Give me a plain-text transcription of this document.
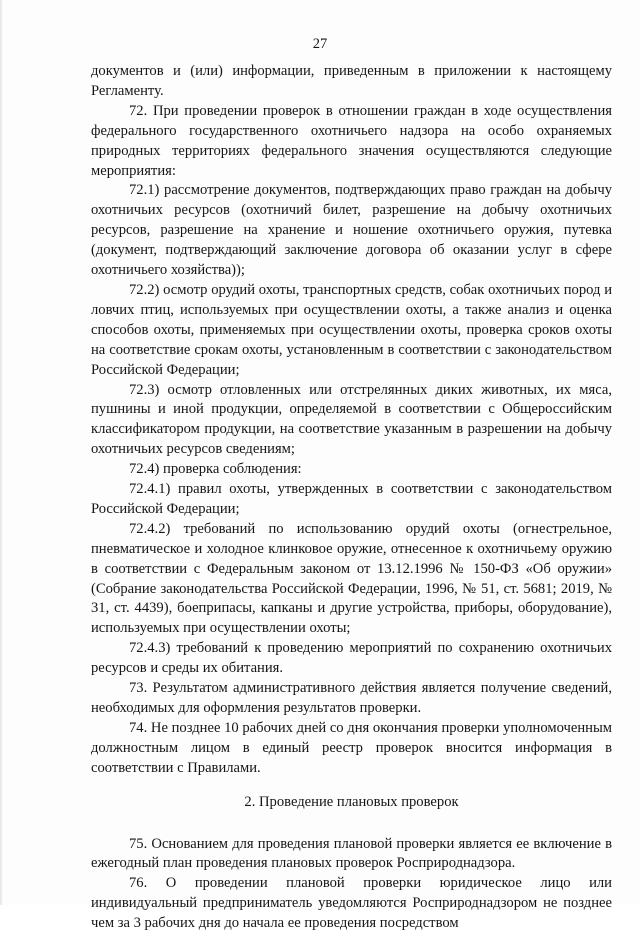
27

документов и (или) информации, приведенным в приложении к настоящему Регламенту.

72. При проведении проверок в отношении граждан в ходе осуществления федерального государственного охотничьего надзора на особо охраняемых природных территориях федерального значения осуществляются следующие мероприятия:

72.1) рассмотрение документов, подтверждающих право граждан на добычу охотничьих ресурсов (охотничий билет, разрешение на добычу охотничьих ресурсов, разрешение на хранение и ношение охотничьего оружия, путевка (документ, подтверждающий заключение договора об оказании услуг в сфере охотничьего хозяйства));

72.2) осмотр орудий охоты, транспортных средств, собак охотничьих пород и ловчих птиц, используемых при осуществлении охоты, а также анализ и оценка способов охоты, применяемых при осуществлении охоты, проверка сроков охоты на соответствие срокам охоты, установленным в соответствии с законодательством Российской Федерации;

72.3) осмотр отловленных или отстрелянных диких животных, их мяса, пушнины и иной продукции, определяемой в соответствии с Общероссийским классификатором продукции, на соответствие указанным в разрешении на добычу охотничьих ресурсов сведениям;

72.4) проверка соблюдения:

72.4.1) правил охоты, утвержденных в соответствии с законодательством Российской Федерации;

72.4.2) требований по использованию орудий охоты (огнестрельное, пневматическое и холодное клинковое оружие, отнесенное к охотничьему оружию в соответствии с Федеральным законом от 13.12.1996 № 150-ФЗ «Об оружии» (Собрание законодательства Российской Федерации, 1996, № 51, ст. 5681; 2019, № 31, ст. 4439), боеприпасы, капканы и другие устройства, приборы, оборудование), используемых при осуществлении охоты;

72.4.3) требований к проведению мероприятий по сохранению охотничьих ресурсов и среды их обитания.

73. Результатом административного действия является получение сведений, необходимых для оформления результатов проверки.

74. Не позднее 10 рабочих дней со дня окончания проверки уполномоченным должностным лицом в единый реестр проверок вносится информация в соответствии с Правилами.

2. Проведение плановых проверок

75. Основанием для проведения плановой проверки является ее включение в ежегодный план проведения плановых проверок Росприроднадзора.

76. О проведении плановой проверки юридическое лицо или индивидуальный предприниматель уведомляются Росприроднадзором не позднее чем за 3 рабочих дня до начала ее проведения посредством
